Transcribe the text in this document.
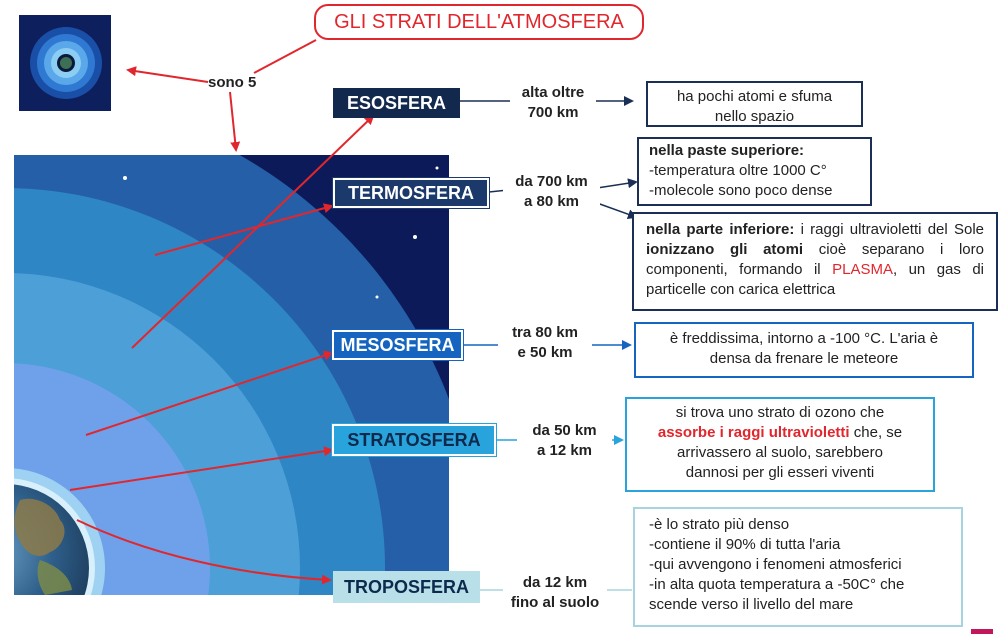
GLI STRATI DELL'ATMOSFERA
sono 5
ESOSFERA
TERMOSFERA
MESOSFERA
STRATOSFERA
TROPOSFERA
alta oltre
700 km
da 700 km
a 80 km
tra 80 km
e 50 km
da 50 km
a 12 km
da 12 km
fino al suolo
ha pochi atomi e sfuma
nello spazio
nella paste superiore:
-temperatura oltre 1000 C°
-molecole sono poco dense
nella parte inferiore: i raggi ultravioletti del Sole ionizzano gli atomi cioè separano i loro componenti, formando il PLASMA, un gas di particelle con carica elettrica
è freddissima, intorno a -100 °C. L'aria è
densa da frenare le meteore
si trova uno strato di ozono che
assorbe i raggi ultravioletti che, se
arrivassero al suolo, sarebbero
dannosi per gli esseri viventi
-è lo strato più denso
-contiene il 90% di tutta l'aria
-qui avvengono i fenomeni atmosferici
-in alta quota temperatura a -50C° che
scende verso il livello del mare
